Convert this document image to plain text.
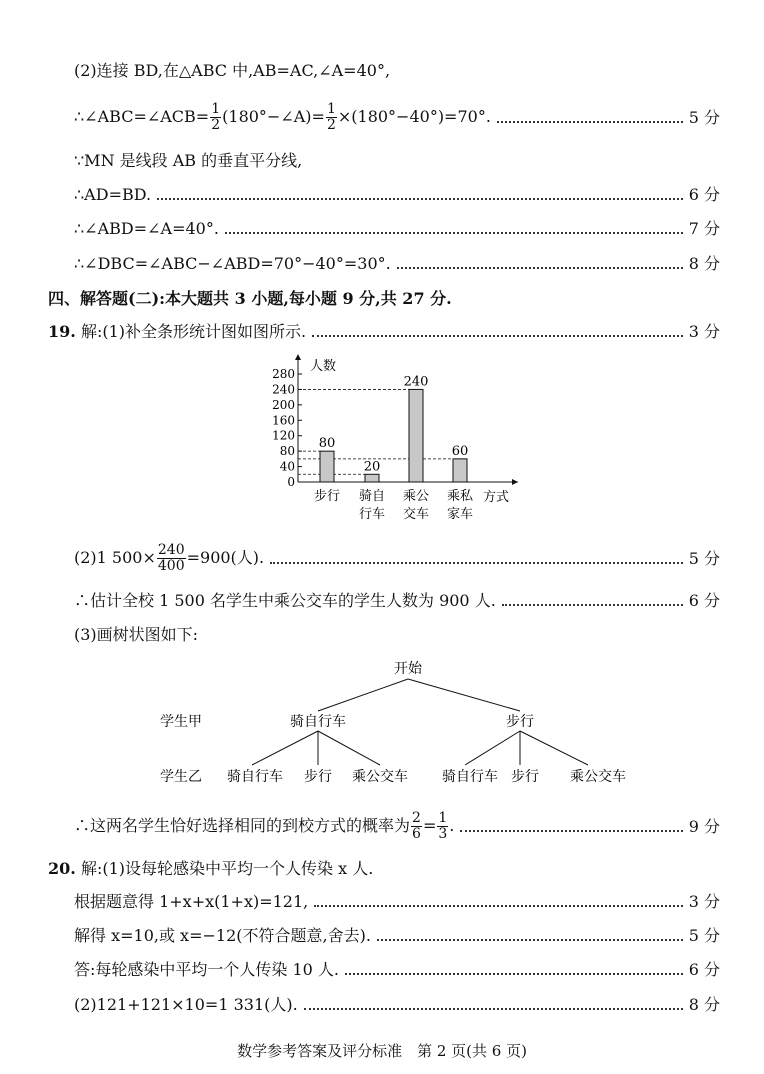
(2)连接 BD,在△ABC 中,AB=AC,∠A=40°,
∴∠ABC=∠ACB= $\frac{1}{2}$ (180°−∠A)= $\frac{1}{2} \times(180^\circ-40^\circ)=70^\circ$.	5 分
∵MN 是线段 AB 的垂直平分线,
∴AD=BD.	6 分
∴∠ABD=∠A=40°.	7 分
∴∠DBC=∠ABC−∠ABD=70°−40°=30°.	8 分
四、解答题(二):本大题共 3 小题,每小题 9 分,共 27 分.
19. 解:(1)补全条形统计图如图所示.	3 分
0
40
80
120
160
200
240
280 人数
方式
80
步行
20
骑自
行车
240
乘公
交车
60
乘私
家车
(2)1 $500\times \frac{240}{400} =900$(人).	5 分
∴估计全校 1 500 名学生中乘公交车的学生人数为 900 人.	6 分
(3)画树状图如下:
开始
学生甲	骑自行车	步行
学生乙 骑自行车 步行 乘公交车 骑自行车 步行 乘公交车
∴这两名学生恰好选择相同的到校方式的概率为 $\frac{2}{6} = \frac{1}{3}$ .	9 分
20. 解:(1)设每轮感染中平均一个人传染 x 人.
根据题意得 1+x+x(1+x)=121,	3 分
解得 x=10,或 x=−12(不符合题意,舍去).	5 分
答:每轮感染中平均一个人传染 10 人.	6 分
(2)121+121×10=1 331(人).	8 分
数学参考答案及评分标准　第 2 页(共 6 页)
